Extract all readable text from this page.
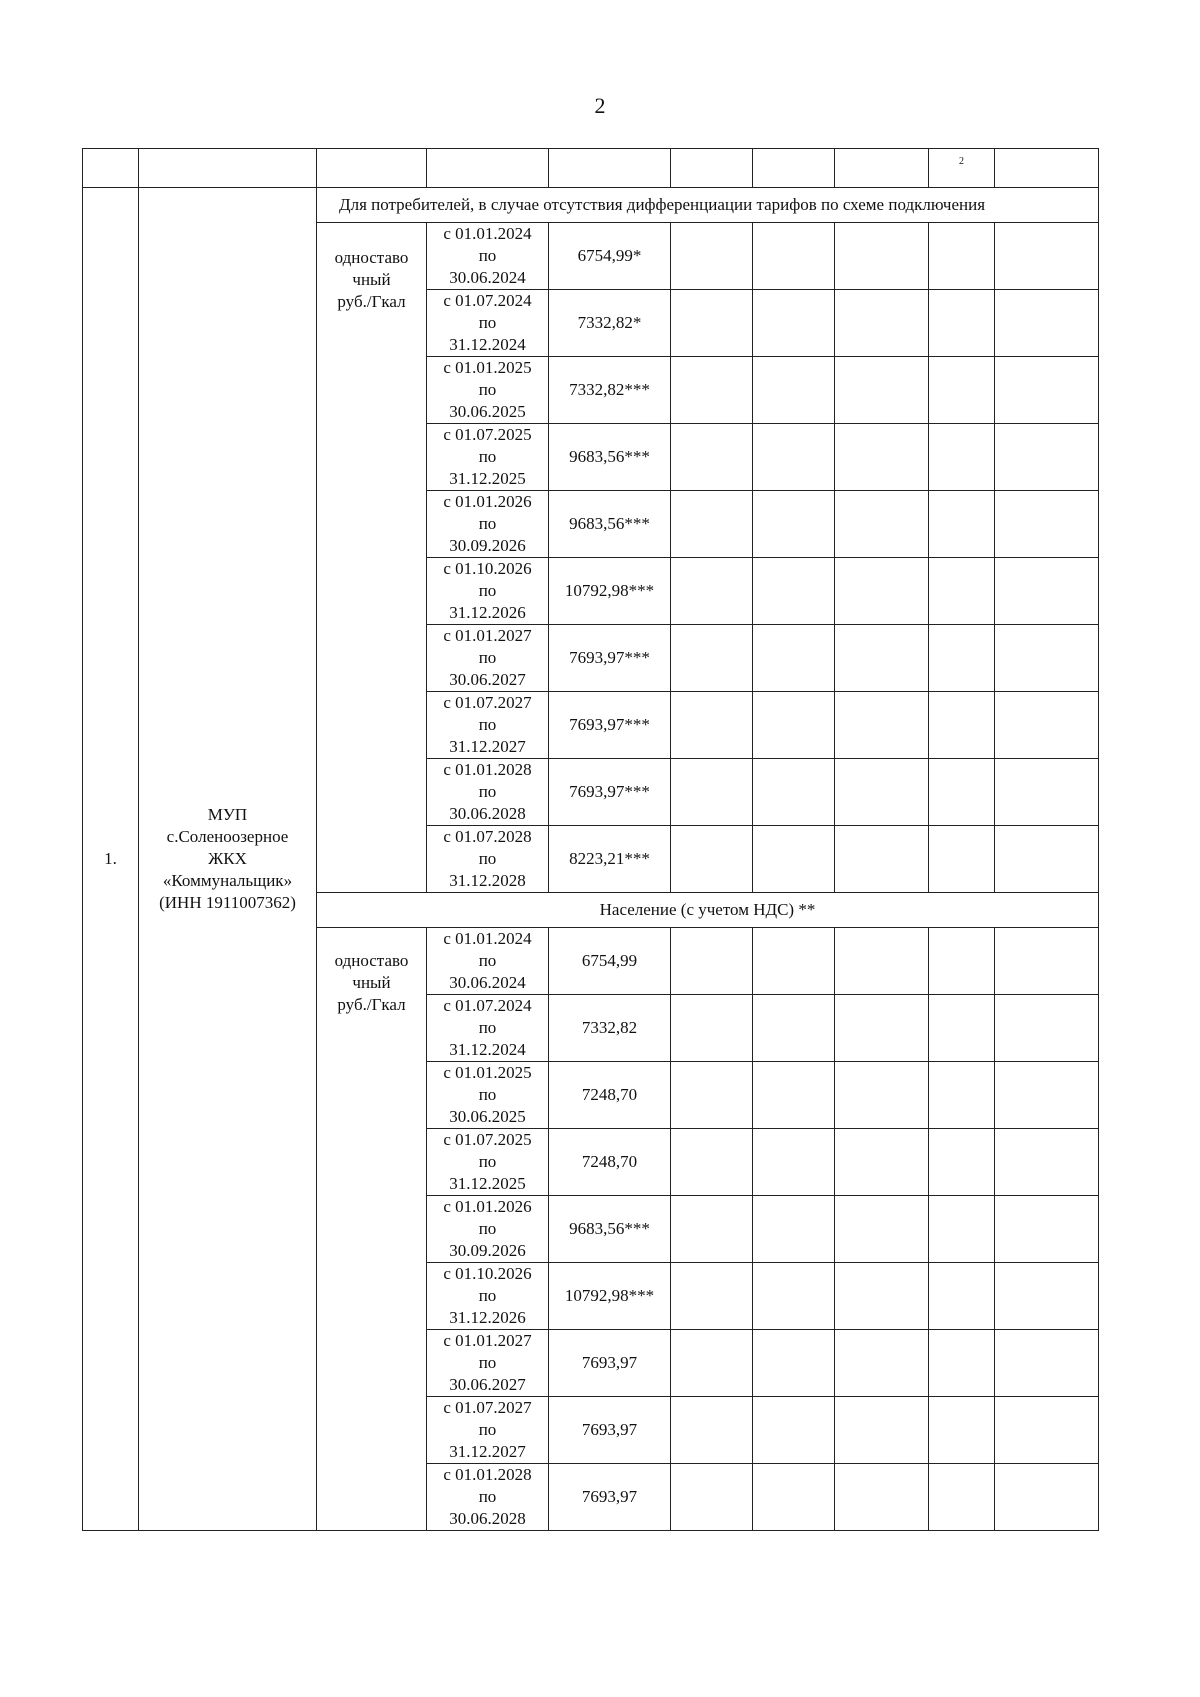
2
								2		
1.	МУП
с.Соленоозерное
ЖКХ
«Коммунальщик»
(ИНН 1911007362)	Для потребителей, в случае отсутствия дифференциации тарифов по схеме подключения								

		одноставо
чный
руб./Гкал	с 01.01.2024
по
30.06.2024	6754,99*						

			с 01.07.2024
по
31.12.2024	7332,82*						

			с 01.01.2025
по
30.06.2025	7332,82***						

			с 01.07.2025
по
31.12.2025	9683,56***						

			с 01.01.2026
по
30.09.2026	9683,56***						

			с 01.10.2026
по
31.12.2026	10792,98***						

			с 01.01.2027
по
30.06.2027	7693,97***						

			с 01.07.2027
по
31.12.2027	7693,97***						

			с 01.01.2028
по
30.06.2028	7693,97***						

			с 01.07.2028
по
31.12.2028	8223,21***						
		Население (с учетом НДС) **								

		одноставо
чный
руб./Гкал	с 01.01.2024
по
30.06.2024	6754,99						

			с 01.07.2024
по
31.12.2024	7332,82						

			с 01.01.2025
по
30.06.2025	7248,70						

			с 01.07.2025
по
31.12.2025	7248,70						

			с 01.01.2026
по
30.09.2026	9683,56***						

			с 01.10.2026
по
31.12.2026	10792,98***						

			с 01.01.2027
по
30.06.2027	7693,97						

			с 01.07.2027
по
31.12.2027	7693,97						

			с 01.01.2028
по
30.06.2028	7693,97						
